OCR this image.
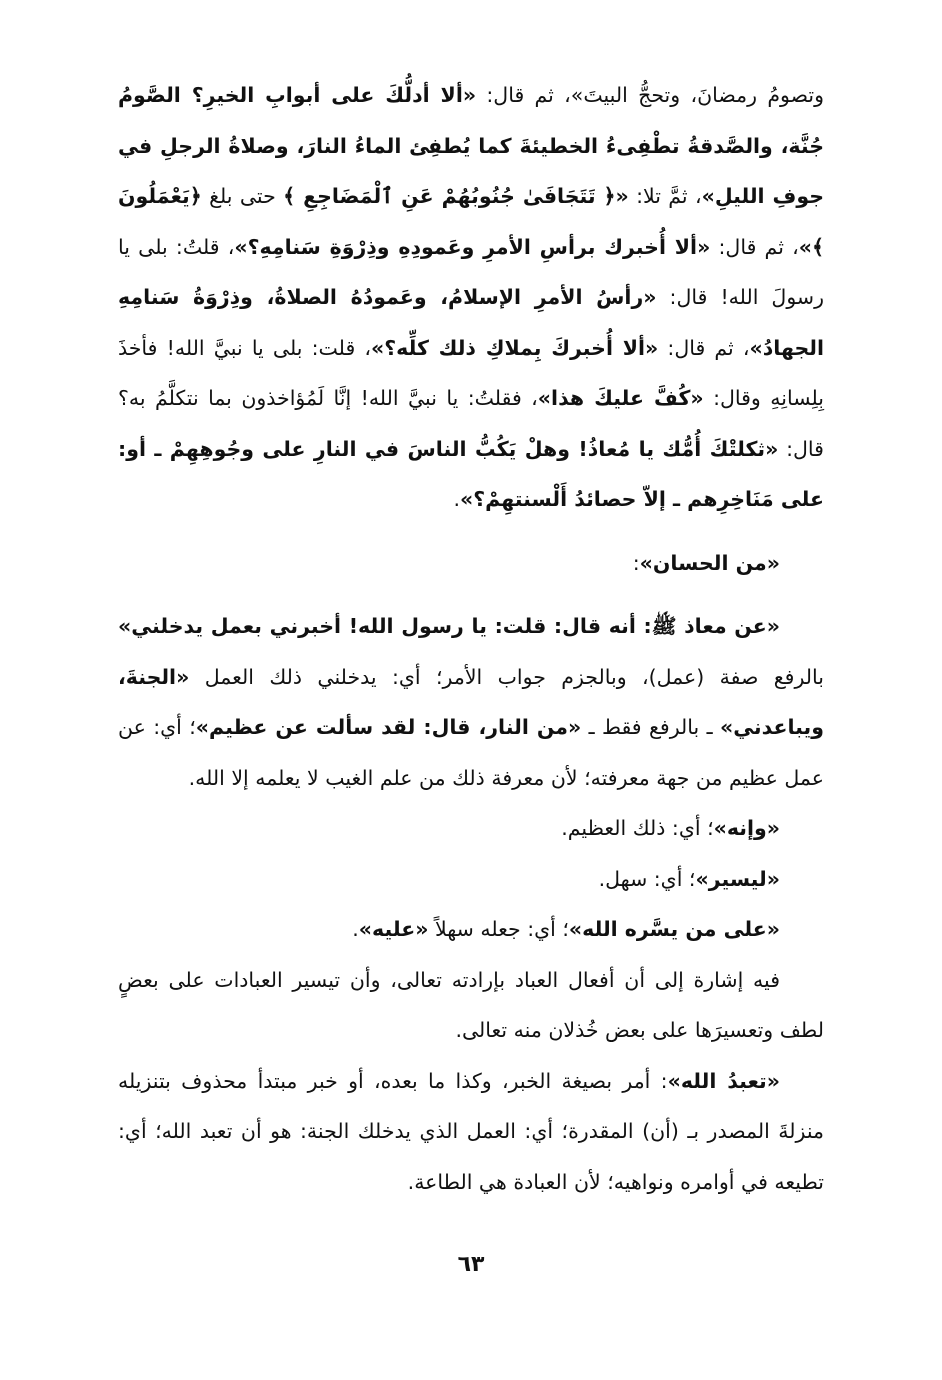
وتصومُ رمضانَ، وتحجُّ البيتَ»، ثم قال: «ألا أدلُّكَ على أبوابِ الخيرِ؟ الصَّومُ جُنَّة، والصَّدقةُ تطْفِىءُ الخطيئةَ كما يُطفِئ الماءُ النارَ، وصلاةُ الرجلِ في جوفِ الليلِ»، ثمَّ تلا: «﴿ تَتَجَافَىٰ جُنُوبُهُمْ عَنِ ٱلْمَضَاجِعِ ﴾ حتى بلغ ﴿يَعْمَلُونَ ﴾»، ثم قال: «ألا أُخبرك برأسِ الأمرِ وعَمودِهِ وذِرْوَةِ سَنامِهِ؟»، قلتُ: بلى يا رسولَ الله! قال: «رأسُ الأمرِ الإسلامُ، وعَمودُهُ الصلاةُ، وذِرْوَةُ سَنامِهِ الجهادُ»، ثم قال: «ألا أُخبركَ بِملاكِ ذلك كلِّه؟»، قلت: بلى يا نبيَّ الله! فأخذَ بِلِسانِهِ وقال: «كُفَّ عليكَ هذا»، فقلتُ: يا نبيَّ الله! إنَّا لَمُؤاخذون بما نتكلَّمُ به؟ قال: «ثكلتْكَ أُمُّك يا مُعاذُ! وهلْ يَكُبُّ الناسَ في النارِ على وجُوهِهِمْ ـ أو: على مَنَاخِرِهم ـ إلاّ حصائدُ أَلْسنتهِمْ؟».

«من الحسان»:

«عن معاذ ﷺ: أنه قال: قلت: يا رسول الله! أخبرني بعمل يدخلني» بالرفع صفة (عمل)، وبالجزم جواب الأمر؛ أي: يدخلني ذلك العمل «الجنةَ، ويباعدني» ـ بالرفع فقط ـ «من النار، قال: لقد سألت عن عظيم»؛ أي: عن عمل عظيم من جهة معرفته؛ لأن معرفة ذلك من علم الغيب لا يعلمه إلا الله.

«وإنه»؛ أي: ذلك العظيم.

«ليسير»؛ أي: سهل.

«على من يسَّره الله»؛ أي: جعله سهلاً «عليه».

فيه إشارة إلى أن أفعال العباد بإرادته تعالى، وأن تيسير العبادات على بعضٍ لطف وتعسيرَها على بعض خُذلان منه تعالى.

«تعبدُ الله»: أمر بصيغة الخبر، وكذا ما بعده، أو خبر مبتدأ محذوف بتنزيله منزلةَ المصدر بـ (أن) المقدرة؛ أي: العمل الذي يدخلك الجنة: هو أن تعبد الله؛ أي: تطيعه في أوامره ونواهيه؛ لأن العبادة هي الطاعة.

٦٣
